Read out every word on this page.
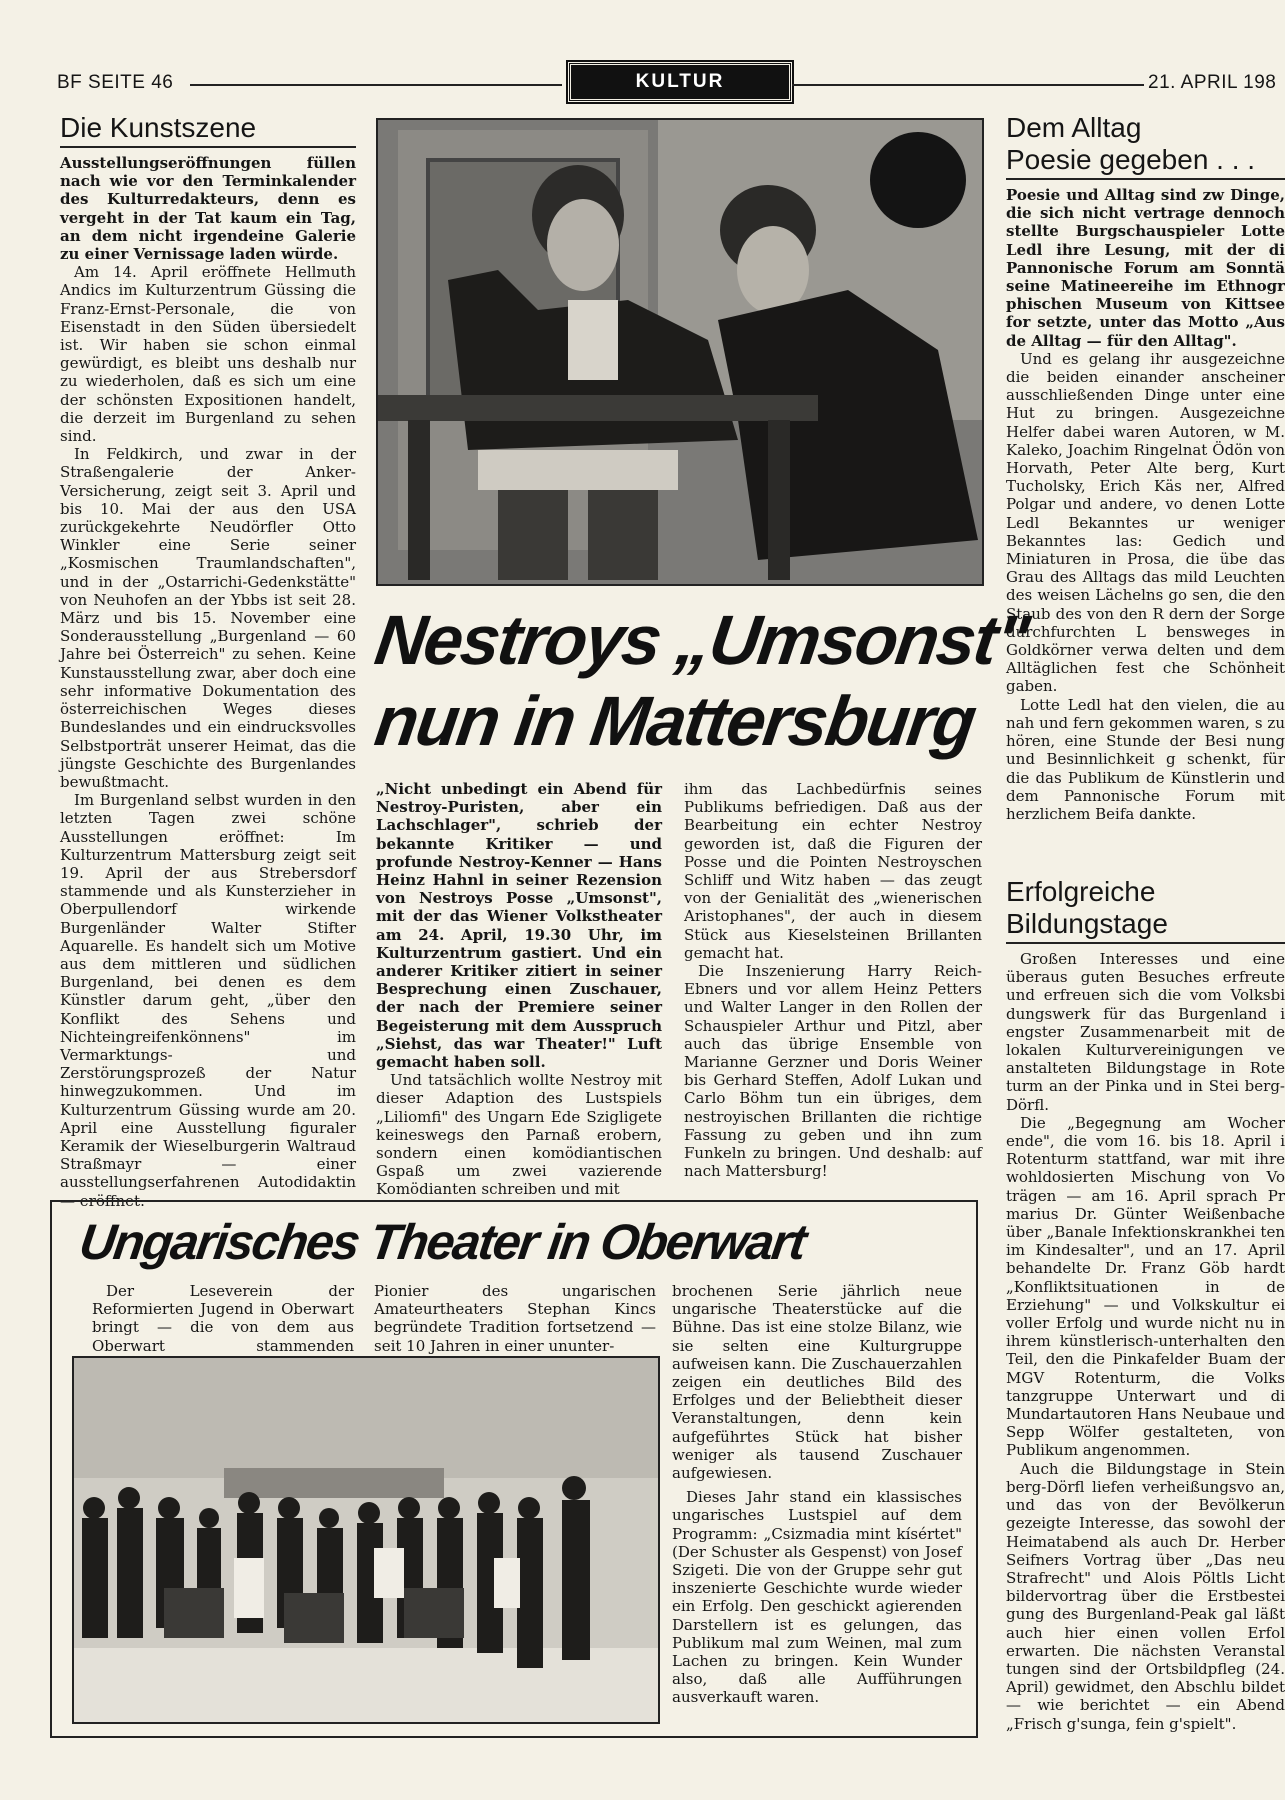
BF SEITE 46	KULTUR	21. APRIL 198
Die Kunstszene

Ausstellungseröffnungen füllen nach wie vor den Terminkalender des Kulturredakteurs, denn es vergeht in der Tat kaum ein Tag, an dem nicht irgendeine Galerie zu einer Vernissage laden würde.

Am 14. April eröffnete Hellmuth Andics im Kulturzentrum Güssing die Franz-Ernst-Personale, die von Eisenstadt in den Süden übersiedelt ist. Wir haben sie schon einmal gewürdigt, es bleibt uns deshalb nur zu wiederholen, daß es sich um eine der schönsten Expositionen handelt, die derzeit im Burgenland zu sehen sind.

In Feldkirch, und zwar in der Straßengalerie der Anker-Versicherung, zeigt seit 3. April und bis 10. Mai der aus den USA zurückgekehrte Neudörfler Otto Winkler eine Serie seiner „Kosmischen Traumlandschaften", und in der „Ostarrichi-Gedenkstätte" von Neuhofen an der Ybbs ist seit 28. März und bis 15. November eine Sonderausstellung „Burgenland — 60 Jahre bei Österreich" zu sehen. Keine Kunstausstellung zwar, aber doch eine sehr informative Dokumentation des österreichischen Weges dieses Bundeslandes und ein eindrucksvolles Selbstporträt unserer Heimat, das die jüngste Geschichte des Burgenlandes bewußtmacht.

Im Burgenland selbst wurden in den letzten Tagen zwei schöne Ausstellungen eröffnet: Im Kulturzentrum Mattersburg zeigt seit 19. April der aus Strebersdorf stammende und als Kunsterzieher in Oberpullendorf wirkende Burgenländer Walter Stifter Aquarelle. Es handelt sich um Motive aus dem mittleren und südlichen Burgenland, bei denen es dem Künstler darum geht, „über den Konflikt des Sehens und Nichteingreifenkönnens" im Vermarktungs- und Zerstörungsprozeß der Natur hinwegzukommen. Und im Kulturzentrum Güssing wurde am 20. April eine Ausstellung figuraler Keramik der Wieselburgerin Waltraud Straßmayr — einer ausstellungserfahrenen Autodidaktin — eröffnet.

Nestroys „Umsonst"
nun in Mattersburg

„Nicht unbedingt ein Abend für Nestroy-Puristen, aber ein Lachschlager", schrieb der bekannte Kritiker — und profunde Nestroy-Kenner — Hans Heinz Hahnl in seiner Rezension von Nestroys Posse „Umsonst", mit der das Wiener Volkstheater am 24. April, 19.30 Uhr, im Kulturzentrum gastiert. Und ein anderer Kritiker zitiert in seiner Besprechung einen Zuschauer, der nach der Premiere seiner Begeisterung mit dem Ausspruch „Siehst, das war Theater!" Luft gemacht haben soll.

Und tatsächlich wollte Nestroy mit dieser Adaption des Lustspiels „Liliomfi" des Ungarn Ede Szigligete keineswegs den Parnaß erobern, sondern einen komödiantischen Gspaß um zwei vazierende Komödianten schreiben und mit

ihm das Lachbedürfnis seines Publikums befriedigen. Daß aus der Bearbeitung ein echter Nestroy geworden ist, daß die Figuren der Posse und die Pointen Nestroyschen Schliff und Witz haben — das zeugt von der Genialität des „wienerischen Aristophanes", der auch in diesem Stück aus Kieselsteinen Brillanten gemacht hat.

Die Inszenierung Harry Reich-Ebners und vor allem Heinz Petters und Walter Langer in den Rollen der Schauspieler Arthur und Pitzl, aber auch das übrige Ensemble von Marianne Gerzner und Doris Weiner bis Gerhard Steffen, Adolf Lukan und Carlo Böhm tun ein übriges, dem nestroyischen Brillanten die richtige Fassung zu geben und ihn zum Funkeln zu bringen. Und deshalb: auf nach Mattersburg!

Dem Alltag
Poesie gegeben . . .

Poesie und Alltag sind zw Dinge, die sich nicht vertrage dennoch stellte Burgschauspieler Lotte Ledl ihre Lesung, mit der di Pannonische Forum am Sonntä seine Matineereihe im Ethnogr phischen Museum von Kittsee for setzte, unter das Motto „Aus de Alltag — für den Alltag".

Und es gelang ihr ausgezeichne die beiden einander anscheiner ausschließenden Dinge unter eine Hut zu bringen. Ausgezeichne Helfer dabei waren Autoren, w M. Kaleko, Joachim Ringelnat Ödön von Horvath, Peter Alte berg, Kurt Tucholsky, Erich Käs ner, Alfred Polgar und andere, vo denen Lotte Ledl Bekanntes ur weniger Bekanntes las: Gedich und Miniaturen in Prosa, die übe das Grau des Alltags das mild Leuchten des weisen Lächelns go sen, die den Staub des von den R dern der Sorge durchfurchten L bensweges in Goldkörner verwa delten und dem Alltäglichen fest che Schönheit gaben.

Lotte Ledl hat den vielen, die au nah und fern gekommen waren, s zu hören, eine Stunde der Besi nung und Besinnlichkeit g schenkt, für die das Publikum de Künstlerin und dem Pannonische Forum mit herzlichem Beifa dankte.

Erfolgreiche
Bildungstage

Großen Interesses und eine überaus guten Besuches erfreute und erfreuen sich die vom Volksbi dungswerk für das Burgenland i engster Zusammenarbeit mit de lokalen Kulturvereinigungen ve anstalteten Bildungstage in Rote turm an der Pinka und in Stei berg-Dörfl.

Die „Begegnung am Wocher ende", die vom 16. bis 18. April i Rotenturm stattfand, war mit ihre wohldosierten Mischung von Vo trägen — am 16. April sprach Pr marius Dr. Günter Weißenbache über „Banale Infektionskrankhei ten im Kindesalter", und an 17. April behandelte Dr. Franz Göb hardt „Konfliktsituationen in de Erziehung" — und Volkskultur ei voller Erfolg und wurde nicht nu in ihrem künstlerisch-unterhalten den Teil, den die Pinkafelder Buam der MGV Rotenturm, die Volks tanzgruppe Unterwart und di Mundartautoren Hans Neubaue und Sepp Wölfer gestalteten, von Publikum angenommen.

Auch die Bildungstage in Stein berg-Dörfl liefen verheißungsvo an, und das von der Bevölkerun gezeigte Interesse, das sowohl der Heimatabend als auch Dr. Herber Seifners Vortrag über „Das neu Strafrecht" und Alois Pöltls Licht bildervortrag über die Erstbestei gung des Burgenland-Peak gal läßt auch hier einen vollen Erfol erwarten. Die nächsten Veranstal tungen sind der Ortsbildpfleg (24. April) gewidmet, den Abschlu bildet — wie berichtet — ein Abend „Frisch g'sunga, fein g'spielt".

Ungarisches Theater in Oberwart

Der Leseverein der Reformierten Jugend in Oberwart bringt — die von dem aus Oberwart stammenden

Pionier des ungarischen Amateurtheaters Stephan Kincs begründete Tradition fortsetzend — seit 10 Jahren in einer ununter-

brochenen Serie jährlich neue ungarische Theaterstücke auf die Bühne. Das ist eine stolze Bilanz, wie sie selten eine Kulturgruppe aufweisen kann. Die Zuschauerzahlen zeigen ein deutliches Bild des Erfolges und der Beliebtheit dieser Veranstaltungen, denn kein aufgeführtes Stück hat bisher weniger als tausend Zuschauer aufgewiesen.

Dieses Jahr stand ein klassisches ungarisches Lustspiel auf dem Programm: „Csizmadia mint kísértet" (Der Schuster als Gespenst) von Josef Szigeti. Die von der Gruppe sehr gut inszenierte Geschichte wurde wieder ein Erfolg. Den geschickt agierenden Darstellern ist es gelungen, das Publikum mal zum Weinen, mal zum Lachen zu bringen. Kein Wunder also, daß alle Aufführungen ausverkauft waren.
